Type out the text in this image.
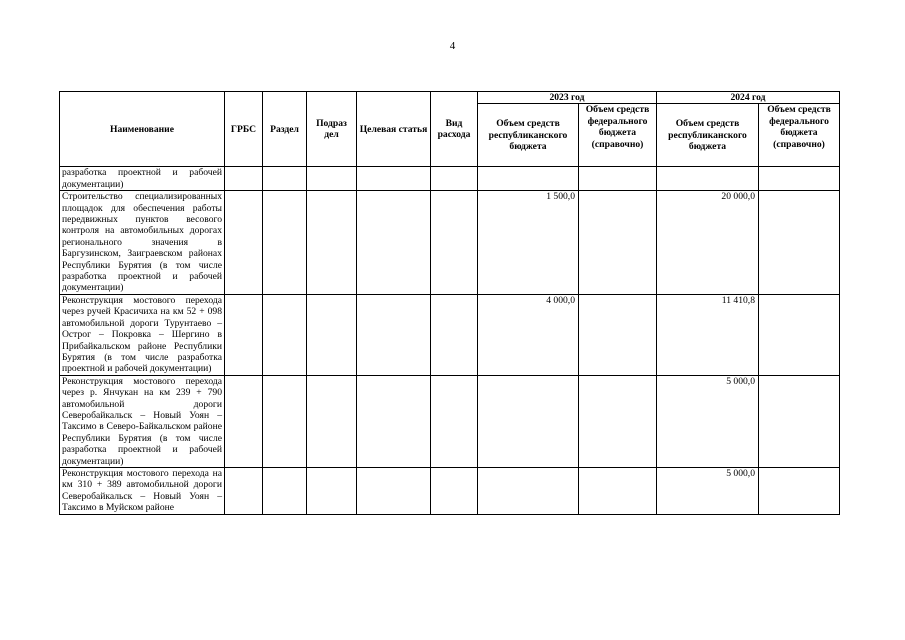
4
Наименование	ГРБС	Раздел	Подраз дел	Целевая статья	Вид расхода	2023 год		2024 год	
						Объем средств республиканского бюджета	Объем средств федерального бюджета (справочно)	Объем средств республиканского бюджета	Объем средств федерального бюджета (справочно)
разработка проектной и рабочей документации)									
Строительство специализированных площадок для обеспечения работы передвижных пунктов весового контроля на автомобильных дорогах регионального значения в Баргузинском, Заиграевском районах Республики Бурятия (в том числе разработка проектной и рабочей документации)						1 500,0		20 000,0	
Реконструкция мостового перехода через ручей Красичиха на км 52 + 098 автомобильной дороги Турунтаево – Острог – Покровка – Шергино в Прибайкальском районе Республики Бурятия (в том числе разработка проектной и рабочей документации)						4 000,0		11 410,8	
Реконструкция мостового перехода через р. Янчукан на км 239 + 790 автомобильной дороги Северобайкальск – Новый Уоян – Таксимо в Северо-Байкальском районе Республики Бурятия (в том числе разработка проектной и рабочей документации)								5 000,0	
Реконструкция мостового перехода на км 310 + 389 автомобильной дороги Северобайкальск – Новый Уоян – Таксимо в Муйском районе								5 000,0	
